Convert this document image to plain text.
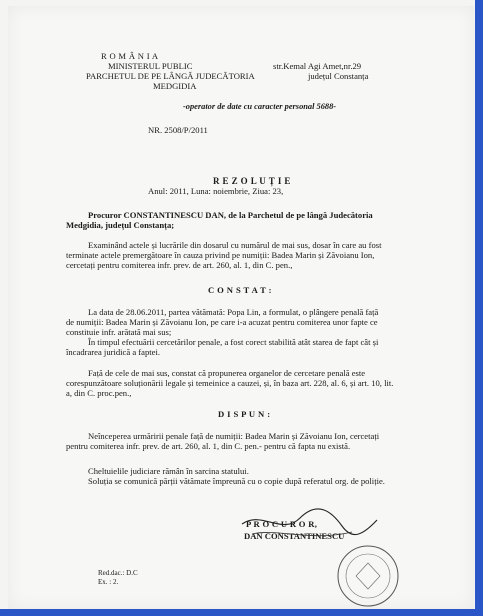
R O M Â N I A
MINISTERUL PUBLIC
PARCHETUL DE PE LÂNGĂ JUDECĂTORIA
MEDGIDIA
str.Kemal Agi Amet,nr.29
județul Constanța
-operator de date cu caracter personal 5688-
NR. 2508/P/2011
R E Z O L U Ț I E
Anul: 2011, Luna: noiembrie, Ziua: 23,
Procuror CONSTANTINESCU DAN, de la Parchetul de pe lângă Judecătoria
Medgidia, județul Constanța;
Examinând actele și lucrările din dosarul cu numărul de mai sus, dosar în care au fost
terminate actele premergătoare în cauza privind pe numiții: Badea Marin și Zăvoianu Ion,
cercetați pentru comiterea infr. prev. de art. 260, al. 1, din C. pen.,
C O N S T A T :
La data de 28.06.2011, partea vătămată: Popa Lin, a formulat, o plângere penală față
de numiții: Badea Marin și Zăvoianu Ion, pe care i-a acuzat pentru comiterea unor fapte ce
constituie infr. arătată mai sus;
În timpul efectuării cercetărilor penale, a fost corect stabilită atât starea de fapt cât și
încadrarea juridică a faptei.
Față de cele de mai sus, constat că propunerea organelor de cercetare penală este
corespunzătoare soluționării legale și temeinice a cauzei, și, în baza art. 228, al. 6, și art. 10, lit.
a, din C. proc.pen.,
D I S P U N :
Neînceperea urmăririi penale față de numiții: Badea Marin și Zăvoianu Ion, cercetați
pentru comiterea infr. prev. de art. 260, al. 1, din C. pen.- pentru că fapta nu există.
Cheltuielile judiciare rămân în sarcina statului.
Soluția se comunică părții vătămate împreună cu o copie după referatul org. de poliție.
P R O C U R O R,
DAN CONSTANTINESCU
Red.dac.: D.C
Ex. : 2.
